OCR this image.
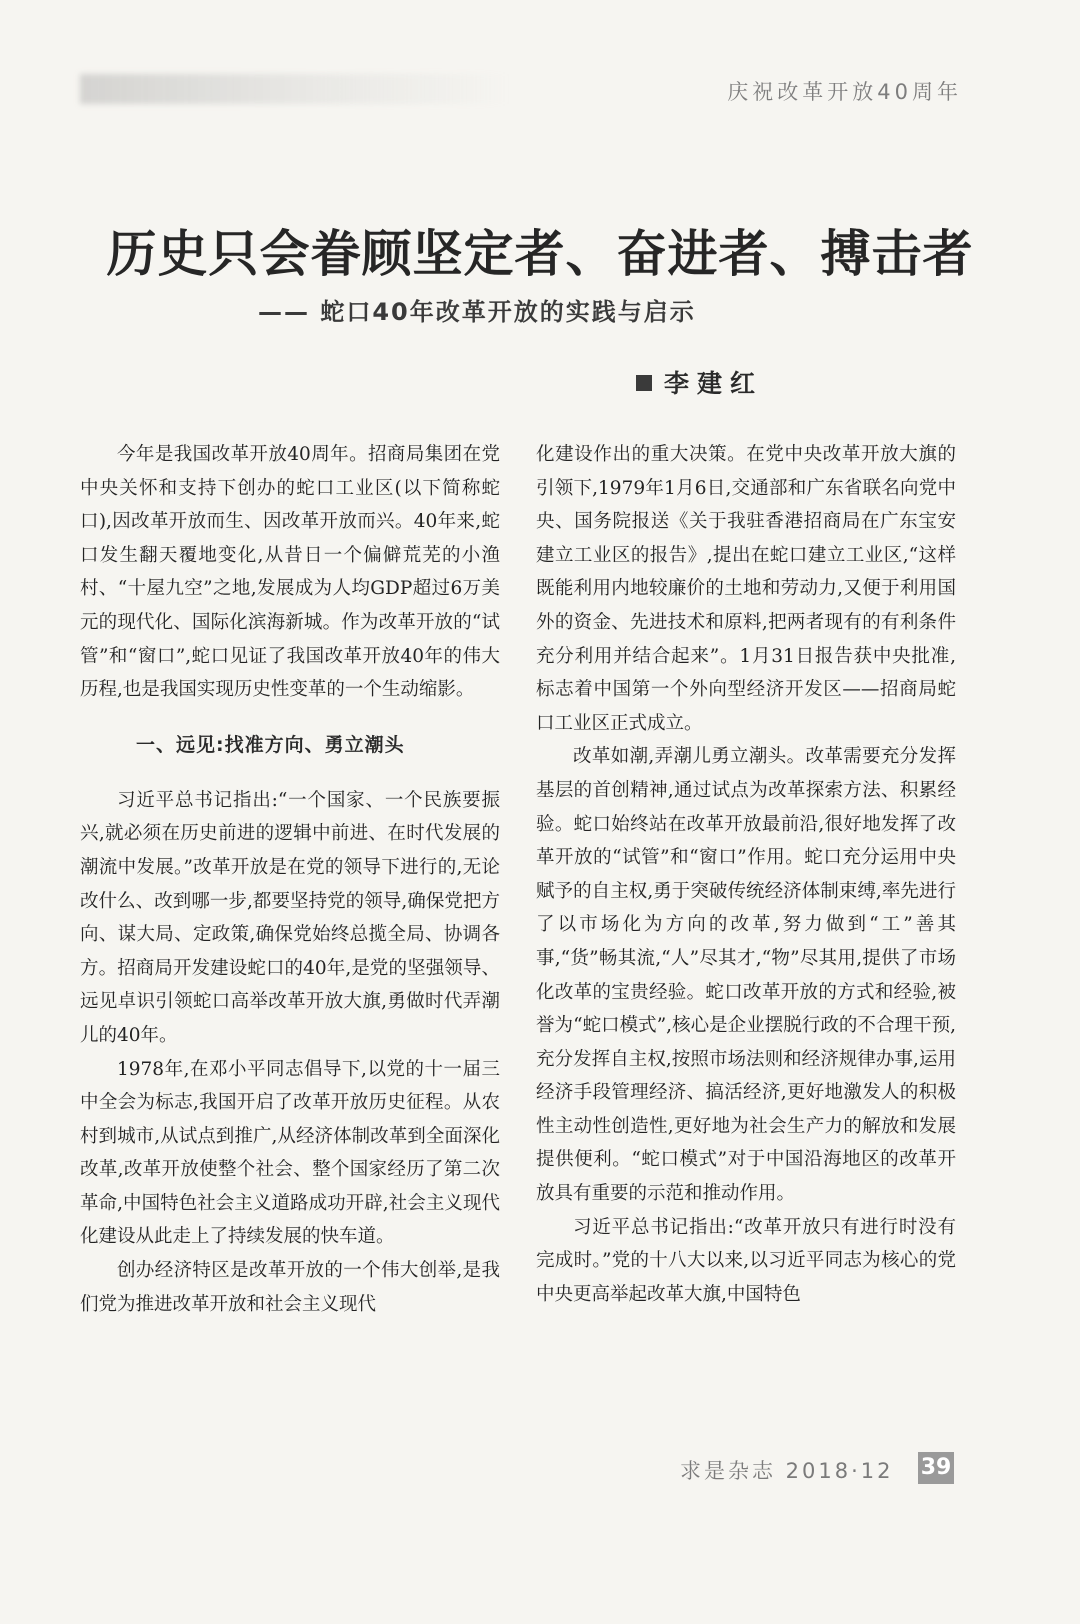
庆祝改革开放40周年
历史只会眷顾坚定者、奋进者、搏击者
—— 蛇口40年改革开放的实践与启示
李建红

今年是我国改革开放40周年。招商局集团在党中央关怀和支持下创办的蛇口工业区(以下简称蛇口),因改革开放而生、因改革开放而兴。40年来,蛇口发生翻天覆地变化,从昔日一个偏僻荒芜的小渔村、“十屋九空”之地,发展成为人均GDP超过6万美元的现代化、国际化滨海新城。作为改革开放的“试管”和“窗口”,蛇口见证了我国改革开放40年的伟大历程,也是我国实现历史性变革的一个生动缩影。

一、远见:找准方向、勇立潮头

习近平总书记指出:“一个国家、一个民族要振兴,就必须在历史前进的逻辑中前进、在时代发展的潮流中发展。”改革开放是在党的领导下进行的,无论改什么、改到哪一步,都要坚持党的领导,确保党把方向、谋大局、定政策,确保党始终总揽全局、协调各方。招商局开发建设蛇口的40年,是党的坚强领导、远见卓识引领蛇口高举改革开放大旗,勇做时代弄潮儿的40年。

1978年,在邓小平同志倡导下,以党的十一届三中全会为标志,我国开启了改革开放历史征程。从农村到城市,从试点到推广,从经济体制改革到全面深化改革,改革开放使整个社会、整个国家经历了第二次革命,中国特色社会主义道路成功开辟,社会主义现代化建设从此走上了持续发展的快车道。

创办经济特区是改革开放的一个伟大创举,是我们党为推进改革开放和社会主义现代

化建设作出的重大决策。在党中央改革开放大旗的引领下,1979年1月6日,交通部和广东省联名向党中央、国务院报送《关于我驻香港招商局在广东宝安建立工业区的报告》,提出在蛇口建立工业区,“这样既能利用内地较廉价的土地和劳动力,又便于利用国外的资金、先进技术和原料,把两者现有的有利条件充分利用并结合起来”。1月31日报告获中央批准,标志着中国第一个外向型经济开发区——招商局蛇口工业区正式成立。

改革如潮,弄潮儿勇立潮头。改革需要充分发挥基层的首创精神,通过试点为改革探索方法、积累经验。蛇口始终站在改革开放最前沿,很好地发挥了改革开放的“试管”和“窗口”作用。蛇口充分运用中央赋予的自主权,勇于突破传统经济体制束缚,率先进行了以市场化为方向的改革,努力做到“工”善其事,“货”畅其流,“人”尽其才,“物”尽其用,提供了市场化改革的宝贵经验。蛇口改革开放的方式和经验,被誉为“蛇口模式”,核心是企业摆脱行政的不合理干预,充分发挥自主权,按照市场法则和经济规律办事,运用经济手段管理经济、搞活经济,更好地激发人的积极性主动性创造性,更好地为社会生产力的解放和发展提供便利。“蛇口模式”对于中国沿海地区的改革开放具有重要的示范和推动作用。

习近平总书记指出:“改革开放只有进行时没有完成时。”党的十八大以来,以习近平同志为核心的党中央更高举起改革大旗,中国特色

求是杂志 2018·12 39
